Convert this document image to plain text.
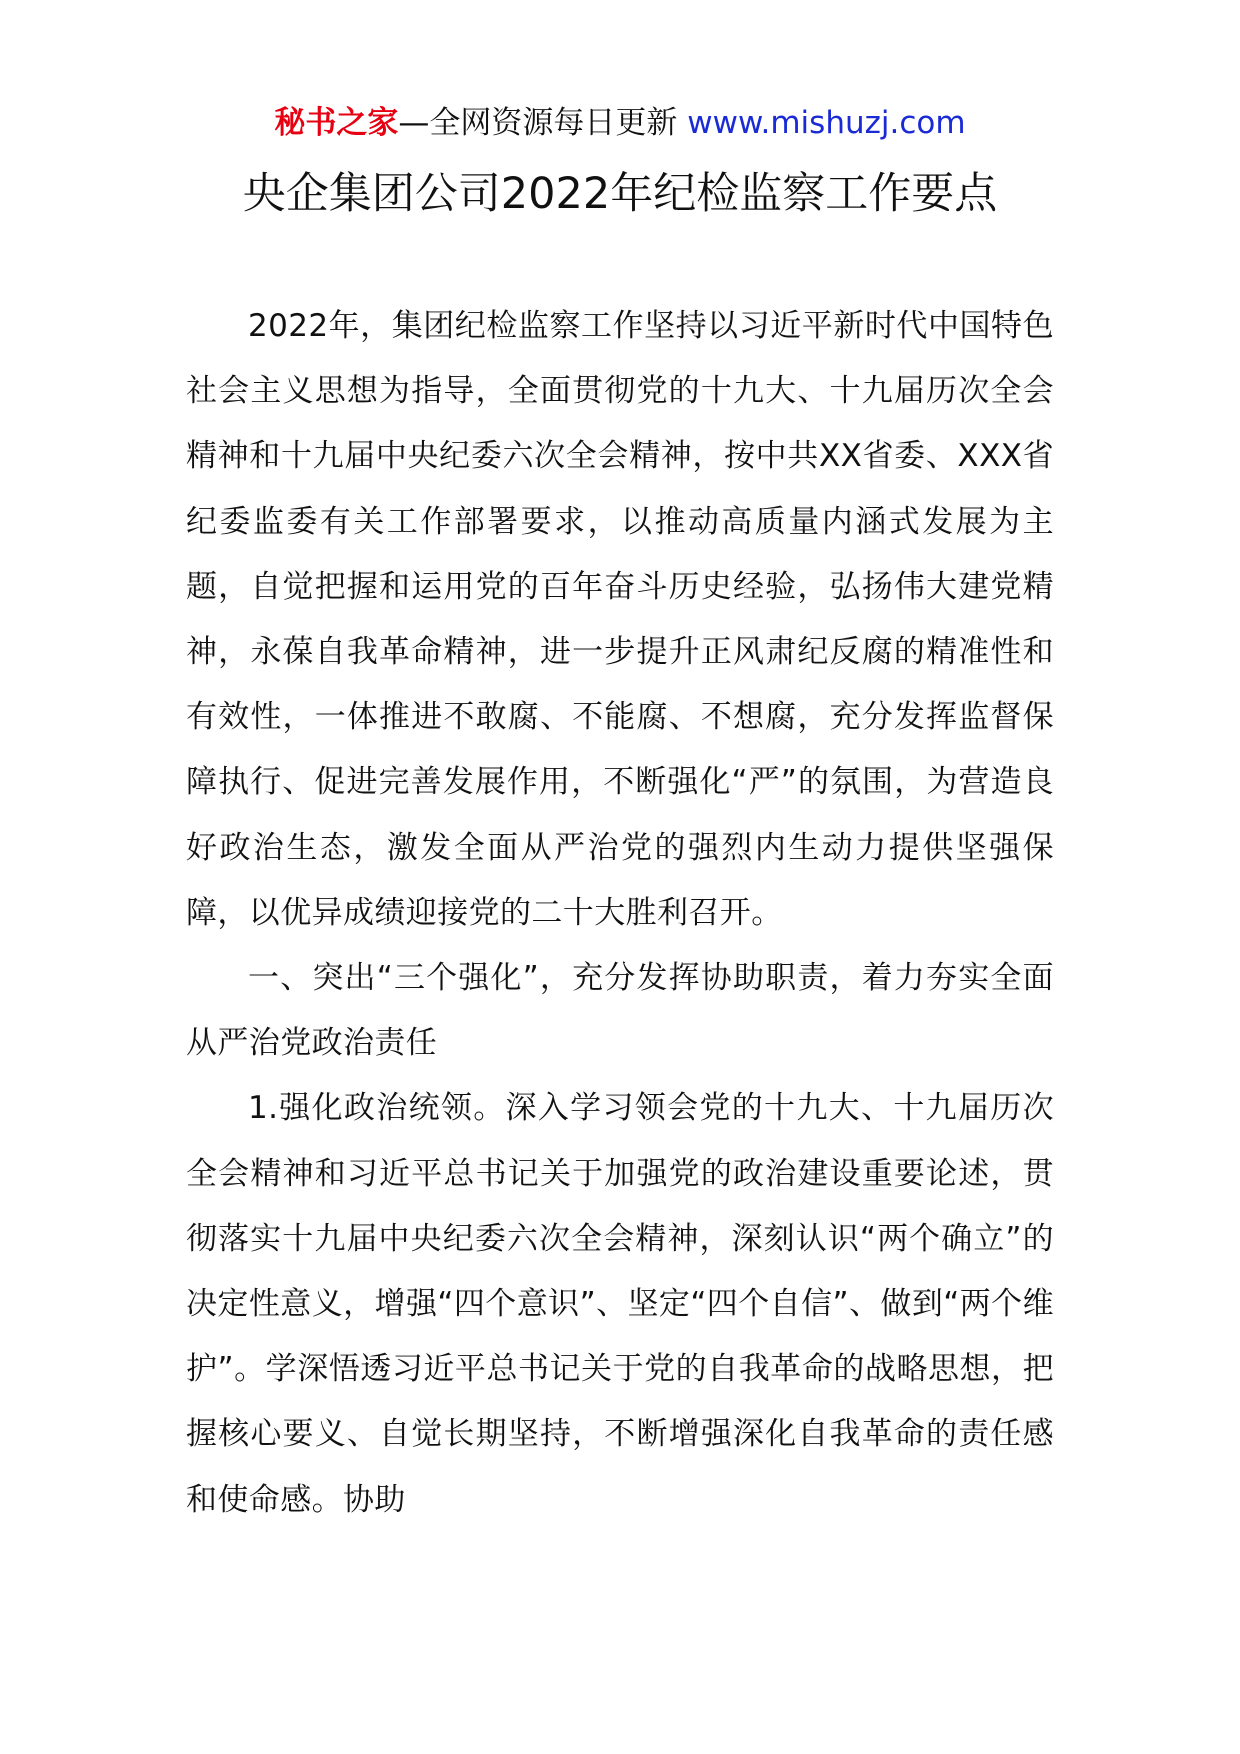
秘书之家—全网资源每日更新 www.mishuzj.com
央企集团公司2022年纪检监察工作要点

2022年，集团纪检监察工作坚持以习近平新时代中国特色社会主义思想为指导，全面贯彻党的十九大、十九届历次全会精神和十九届中央纪委六次全会精神，按中共XX省委、XXX省纪委监委有关工作部署要求，以推动高质量内涵式发展为主题，自觉把握和运用党的百年奋斗历史经验，弘扬伟大建党精神，永葆自我革命精神，进一步提升正风肃纪反腐的精准性和有效性，一体推进不敢腐、不能腐、不想腐，充分发挥监督保障执行、促进完善发展作用，不断强化“严”的氛围，为营造良好政治生态，激发全面从严治党的强烈内生动力提供坚强保障，以优异成绩迎接党的二十大胜利召开。

一、突出“三个强化”，充分发挥协助职责，着力夯实全面从严治党政治责任

1.强化政治统领。深入学习领会党的十九大、十九届历次全会精神和习近平总书记关于加强党的政治建设重要论述，贯彻落实十九届中央纪委六次全会精神，深刻认识“两个确立”的决定性意义，增强“四个意识”、坚定“四个自信”、做到“两个维护”。学深悟透习近平总书记关于党的自我革命的战略思想，把握核心要义、自觉长期坚持，不断增强深化自我革命的责任感和使命感。协助
